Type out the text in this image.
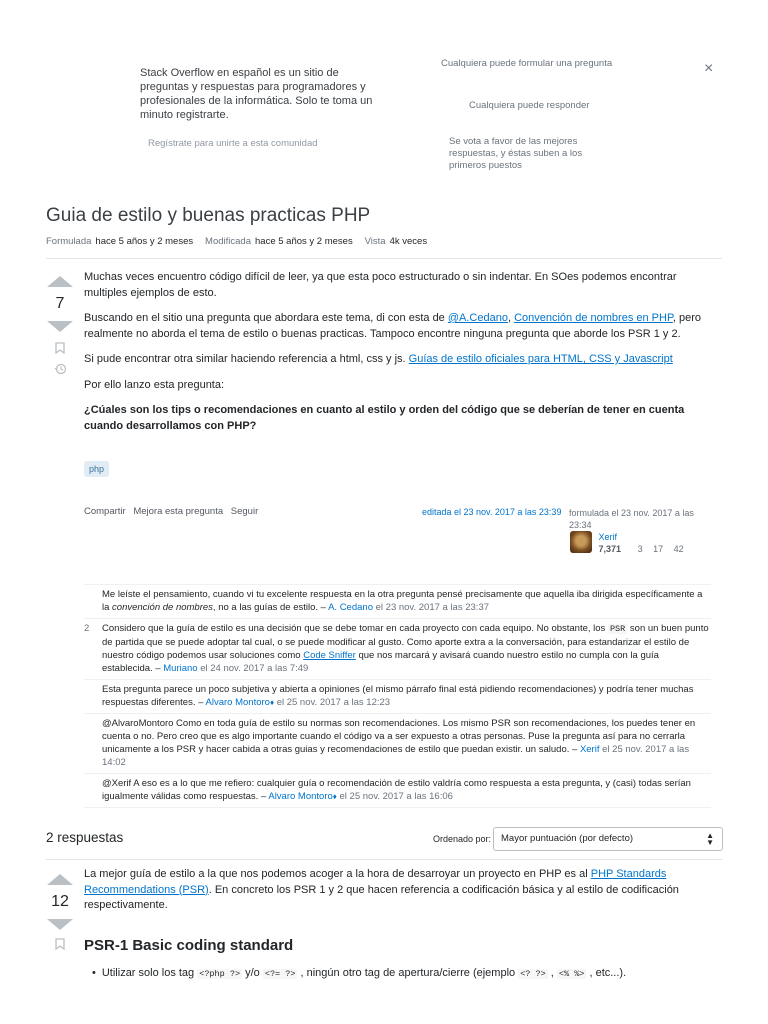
Stack Overflow en español es un sitio de preguntas y respuestas para programadores y profesionales de la informática. Solo te toma un minuto registrarte.
Regístrate para unirte a esta comunidad
Cualquiera puede formular una pregunta
Cualquiera puede responder
Se vota a favor de las mejores respuestas, y éstas suben a los primeros puestos
×
Guia de estilo y buenas practicas PHP
Formulada hace 5 años y 2 meses Modificada hace 5 años y 2 meses Vista 4k veces
7

Muchas veces encuentro código difícil de leer, ya que esta poco estructurado o sin indentar. En SOes podemos encontrar multiples ejemplos de esto.

Buscando en el sitio una pregunta que abordara este tema, di con esta de @A.Cedano, Convención de nombres en PHP, pero realmente no aborda el tema de estilo o buenas practicas. Tampoco encontre ninguna pregunta que aborde los PSR 1 y 2.

Si pude encontrar otra similar haciendo referencia a html, css y js. Guías de estilo oficiales para HTML, CSS y Javascript

Por ello lanzo esta pregunta:

¿Cúales son los tips o recomendaciones en cuanto al estilo y orden del código que se deberían de tener en cuenta cuando desarrollamos con PHP?

php
Compartir Mejora esta pregunta Seguir	editada el 23 nov. 2017 a las 23:39 formulada el 23 nov. 2017 a las 23:34
Xerif
7,371 3 17 42
Me leíste el pensamiento, cuando vi tu excelente respuesta en la otra pregunta pensé precisamente que aquella iba dirigida específicamente a la convención de nombres, no a las guías de estilo. – A. Cedano el 23 nov. 2017 a las 23:37
2 Considero que la guía de estilo es una decisión que se debe tomar en cada proyecto con cada equipo. No obstante, los PSR son un buen punto de partida que se puede adoptar tal cual, o se puede modificar al gusto. Como aporte extra a la conversación, para estandarizar el estilo de nuestro código podemos usar soluciones como Code Sniffer que nos marcará y avisará cuando nuestro estilo no cumpla con la guía establecida. – Muriano el 24 nov. 2017 a las 7:49
Esta pregunta parece un poco subjetiva y abierta a opiniones (el mismo párrafo final está pidiendo recomendaciones) y podría tener muchas respuestas diferentes. – Alvaro Montoro♦ el 25 nov. 2017 a las 12:23
@AlvaroMontoro Como en toda guía de estilo su normas son recomendaciones. Los mismo PSR son recomendaciones, los puedes tener en cuenta o no. Pero creo que es algo importante cuando el código va a ser expuesto a otras personas. Puse la pregunta así para no cerrarla unicamente a los PSR y hacer cabida a otras guias y recomendaciones de estilo que puedan existir. un saludo. – Xerif el 25 nov. 2017 a las 14:02
@Xerif A eso es a lo que me refiero: cualquier guía o recomendación de estilo valdría como respuesta a esta pregunta, y (casi) todas serían igualmente válidas como respuestas. – Alvaro Montoro♦ el 25 nov. 2017 a las 16:06
2 respuestas	Ordenado por:	Mayor puntuación (por defecto)	▲
▼
12

La mejor guía de estilo a la que nos podemos acoger a la hora de desarroyar un proyecto en PHP es al PHP Standards Recommendations (PSR). En concreto los PSR 1 y 2 que hacen referencia a codificación básica y al estilo de codificación respectivamente.

PSR-1 Basic coding standard
• Utilizar solo los tag <?php ?> y/o <?= ?> , ningún otro tag de apertura/cierre (ejemplo <? ?> , <% %> , etc...).
